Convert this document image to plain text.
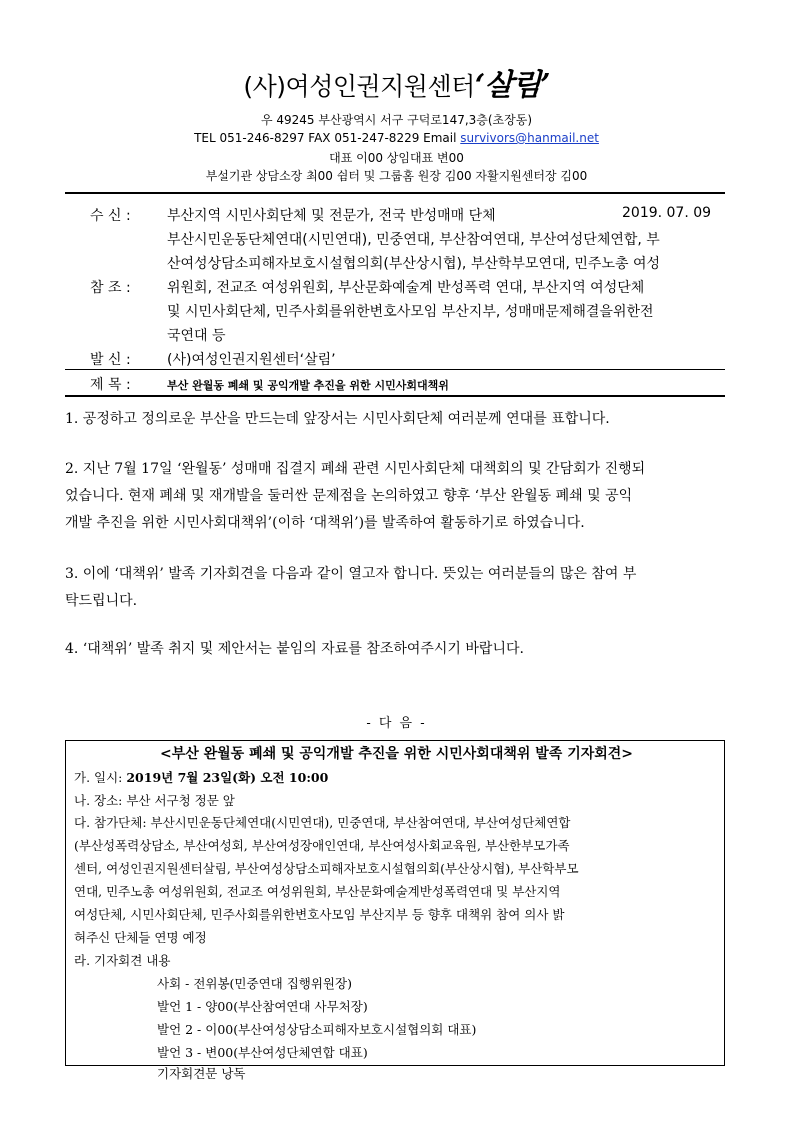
(사)여성인권지원센터‘살림’
우 49245 부산광역시 서구 구덕로147,3층(초장동)
TEL 051-246-8297 FAX 051-247-8229 Email survivors@hanmail.net
대표 이00 상임대표 변00
부설기관 상담소장 최00 쉼터 및 그룹홈 원장 김00 자활지원센터장 김00
수 신 :	부산지역 시민사회단체 및 전문가, 전국 반성매매 단체	2019. 07. 09
부산시민운동단체연대(시민연대), 민중연대, 부산참여연대, 부산여성단체연합, 부
산여성상담소피해자보호시설협의회(부산상시협), 부산학부모연대, 민주노총 여성
참 조 :	위원회, 전교조 여성위원회, 부산문화예술계 반성폭력 연대, 부산지역 여성단체
및 시민사회단체, 민주사회를위한변호사모임 부산지부, 성매매문제해결을위한전
국연대 등
발 신 :	(사)여성인권지원센터‘살림’
제 목 :	부산 완월동 폐쇄 및 공익개발 추진을 위한 시민사회대책위
1. 공정하고 정의로운 부산을 만드는데 앞장서는 시민사회단체 여러분께 연대를 표합니다.
2. 지난 7월 17일 ‘완월동’ 성매매 집결지 폐쇄 관련 시민사회단체 대책회의 및 간담회가 진행되
었습니다. 현재 폐쇄 및 재개발을 둘러싼 문제점을 논의하였고 향후 ‘부산 완월동 폐쇄 및 공익
개발 추진을 위한 시민사회대책위’(이하 ‘대책위’)를 발족하여 활동하기로 하였습니다.
3. 이에 ‘대책위’ 발족 기자회견을 다음과 같이 열고자 합니다. 뜻있는 여러분들의 많은 참여 부
탁드립니다.
4. ‘대책위’ 발족 취지 및 제안서는 붙임의 자료를 참조하여주시기 바랍니다.
- 다 음 -
<부산 완월동 폐쇄 및 공익개발 추진을 위한 시민사회대책위 발족 기자회견>
가. 일시: 2019년 7월 23일(화) 오전 10:00
나. 장소: 부산 서구청 정문 앞
다. 참가단체: 부산시민운동단체연대(시민연대), 민중연대, 부산참여연대, 부산여성단체연합
(부산성폭력상담소, 부산여성회, 부산여성장애인연대, 부산여성사회교육원, 부산한부모가족
센터, 여성인권지원센터살림, 부산여성상담소피해자보호시설협의회(부산상시협), 부산학부모
연대, 민주노총 여성위원회, 전교조 여성위원회, 부산문화예술계반성폭력연대 및 부산지역
여성단체, 시민사회단체, 민주사회를위한변호사모임 부산지부 등 향후 대책위 참여 의사 밝
혀주신 단체들 연명 예정
라. 기자회견 내용
사회 - 전위봉(민중연대 집행위원장)
발언 1 - 양00(부산참여연대 사무처장)
발언 2 - 이00(부산여성상담소피해자보호시설협의회 대표)
발언 3 - 변00(부산여성단체연합 대표)
기자회견문 낭독
